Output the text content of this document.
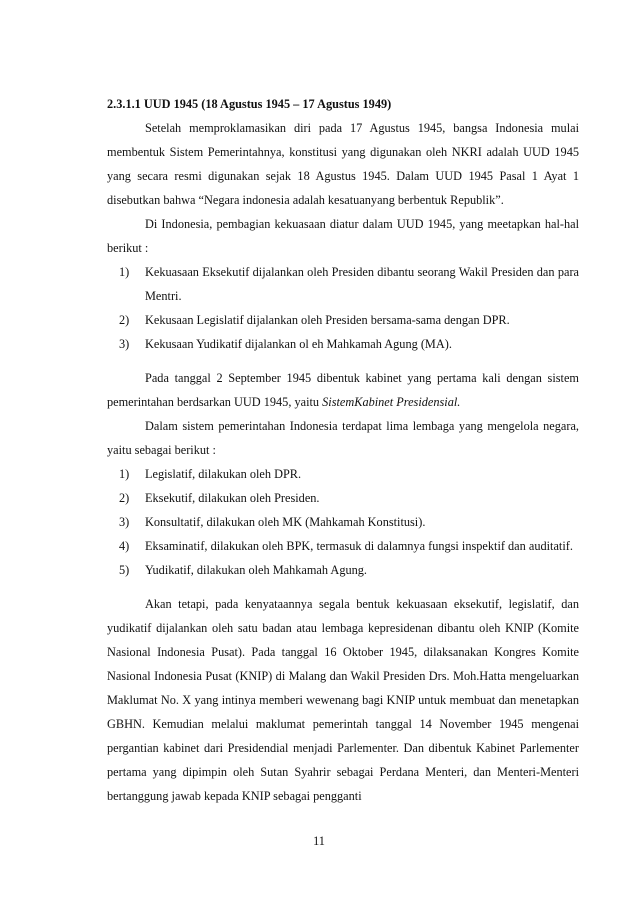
2.3.1.1 UUD 1945 (18 Agustus 1945 – 17 Agustus 1949)

Setelah memproklamasikan diri pada 17 Agustus 1945, bangsa Indonesia mulai membentuk Sistem Pemerintahnya, konstitusi yang digunakan oleh NKRI adalah UUD 1945 yang secara resmi digunakan sejak 18 Agustus 1945. Dalam UUD 1945 Pasal 1 Ayat 1 disebutkan bahwa “Negara indonesia adalah kesatuanyang berbentuk Republik”.

Di Indonesia, pembagian kekuasaan diatur dalam UUD 1945, yang meetapkan hal-hal berikut :

1) Kekuasaan Eksekutif dijalankan oleh Presiden dibantu seorang Wakil Presiden dan para Mentri.
2) Kekusaan Legislatif dijalankan oleh Presiden bersama-sama dengan DPR.
3) Kekusaan Yudikatif dijalankan ol eh Mahkamah Agung (MA).

Pada tanggal 2 September 1945 dibentuk kabinet yang pertama kali dengan sistem pemerintahan berdsarkan UUD 1945, yaitu SistemKabinet Presidensial.

Dalam sistem pemerintahan Indonesia terdapat lima lembaga yang mengelola negara, yaitu sebagai berikut :

1) Legislatif, dilakukan oleh DPR.
2) Eksekutif, dilakukan oleh Presiden.
3) Konsultatif, dilakukan oleh MK (Mahkamah Konstitusi).
4) Eksaminatif, dilakukan oleh BPK, termasuk di dalamnya fungsi inspektif dan auditatif.
5) Yudikatif, dilakukan oleh Mahkamah Agung.

Akan tetapi, pada kenyataannya segala bentuk kekuasaan eksekutif, legislatif, dan yudikatif dijalankan oleh satu badan atau lembaga kepresidenan dibantu oleh KNIP (Komite Nasional Indonesia Pusat). Pada tanggal 16 Oktober 1945, dilaksanakan Kongres Komite Nasional Indonesia Pusat (KNIP) di Malang dan Wakil Presiden Drs. Moh.Hatta mengeluarkan Maklumat No. X yang intinya memberi wewenang bagi KNIP untuk membuat dan menetapkan GBHN. Kemudian melalui maklumat pemerintah tanggal 14 November 1945 mengenai pergantian kabinet dari Presidendial menjadi Parlementer. Dan dibentuk Kabinet Parlementer pertama yang dipimpin oleh Sutan Syahrir sebagai Perdana Menteri, dan Menteri-Menteri bertanggung jawab kepada KNIP sebagai pengganti

11
